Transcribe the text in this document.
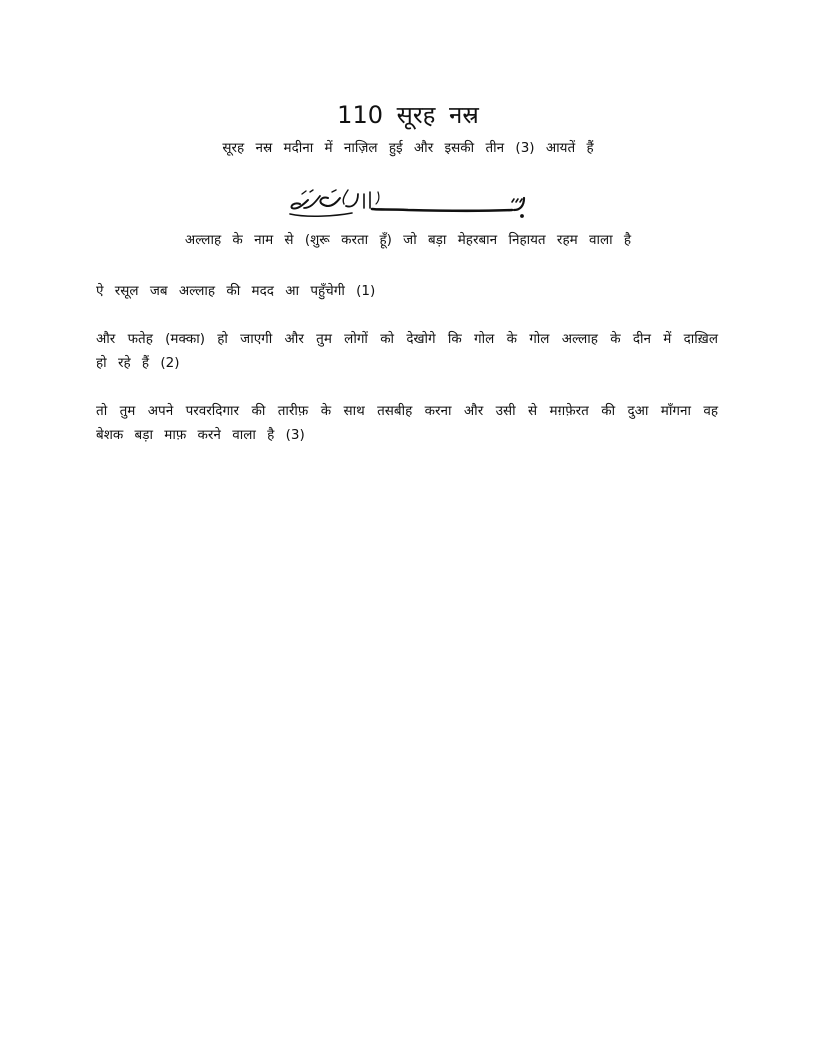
110 सूरह नस्र
सूरह नस्र मदीना में नाज़िल हुई और इसकी तीन (3) आयतें हैं
अल्लाह के नाम से (शुरू करता हूँ) जो बड़ा मेहरबान निहायत रहम वाला है
ऐ रसूल जब अल्लाह की मदद आ पहुँचेगी (1)
और फतेह (मक्का) हो जाएगी और तुम लोगों को देखोगे कि गोल के गोल अल्लाह के दीन में दाख़िल हो रहे हैं (2)
तो तुम अपने परवरदिगार की तारीफ़ के साथ तसबीह करना और उसी से मग़फ़ेरत की दुआ माँगना वह बेशक बड़ा माफ़ करने वाला है (3)
